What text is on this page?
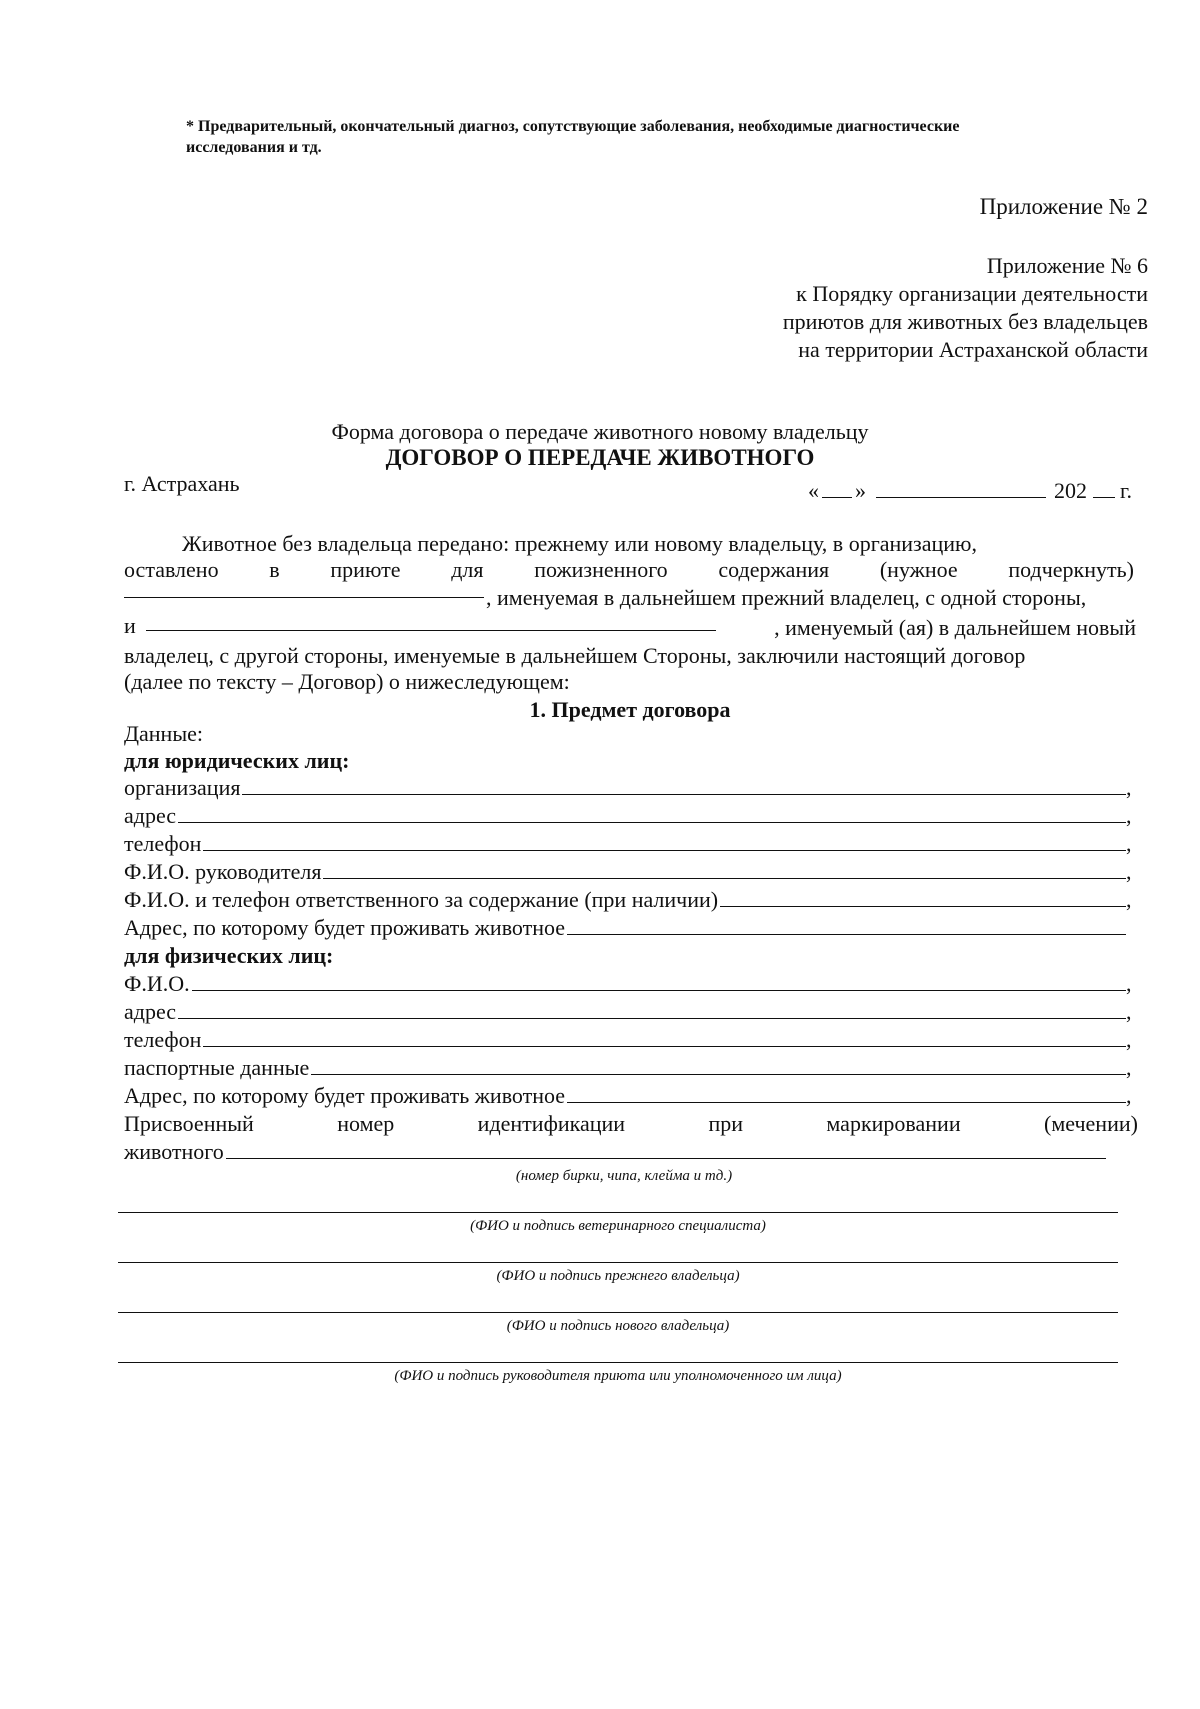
* Предварительный, окончательный диагноз, сопутствующие заболевания, необходимые диагностические
исследования и тд.
Приложение № 2
Приложение № 6
к Порядку организации деятельности
приютов для животных без владельцев
на территории Астраханской области
Форма договора о передаче животного новому владельцу
ДОГОВОР О ПЕРЕДАЧЕ ЖИВОТНОГО
г. Астрахань	« »	202 г.
Животное без владельца передано: прежнему или новому владельцу, в организацию,
оставлено в приюте для пожизненного содержания (нужное подчеркнуть)
, именуемая в дальнейшем прежний владелец, с одной стороны,
и	, именуемый (ая) в дальнейшем новый
владелец, с другой стороны, именуемые в дальнейшем Стороны, заключили настоящий договор
(далее по тексту – Договор) о нижеследующем:
1. Предмет договора
Данные:
для юридических лиц:
организация	,
адрес	,
телефон	,
Ф.И.О. руководителя	,
Ф.И.О. и телефон ответственного за содержание (при наличии)	,
Адрес, по которому будет проживать животное
для физических лиц:
Ф.И.О.	,
адрес	,
телефон	,
паспортные данные	,
Адрес, по которому будет проживать животное	,
Присвоенный	номер	идентификации	при	маркировании	(мечении)
животного
(номер бирки, чипа, клейма и тд.)
(ФИО и подпись ветеринарного специалиста)
(ФИО и подпись прежнего владельца)
(ФИО и подпись нового владельца)
(ФИО и подпись руководителя приюта или уполномоченного им лица)
